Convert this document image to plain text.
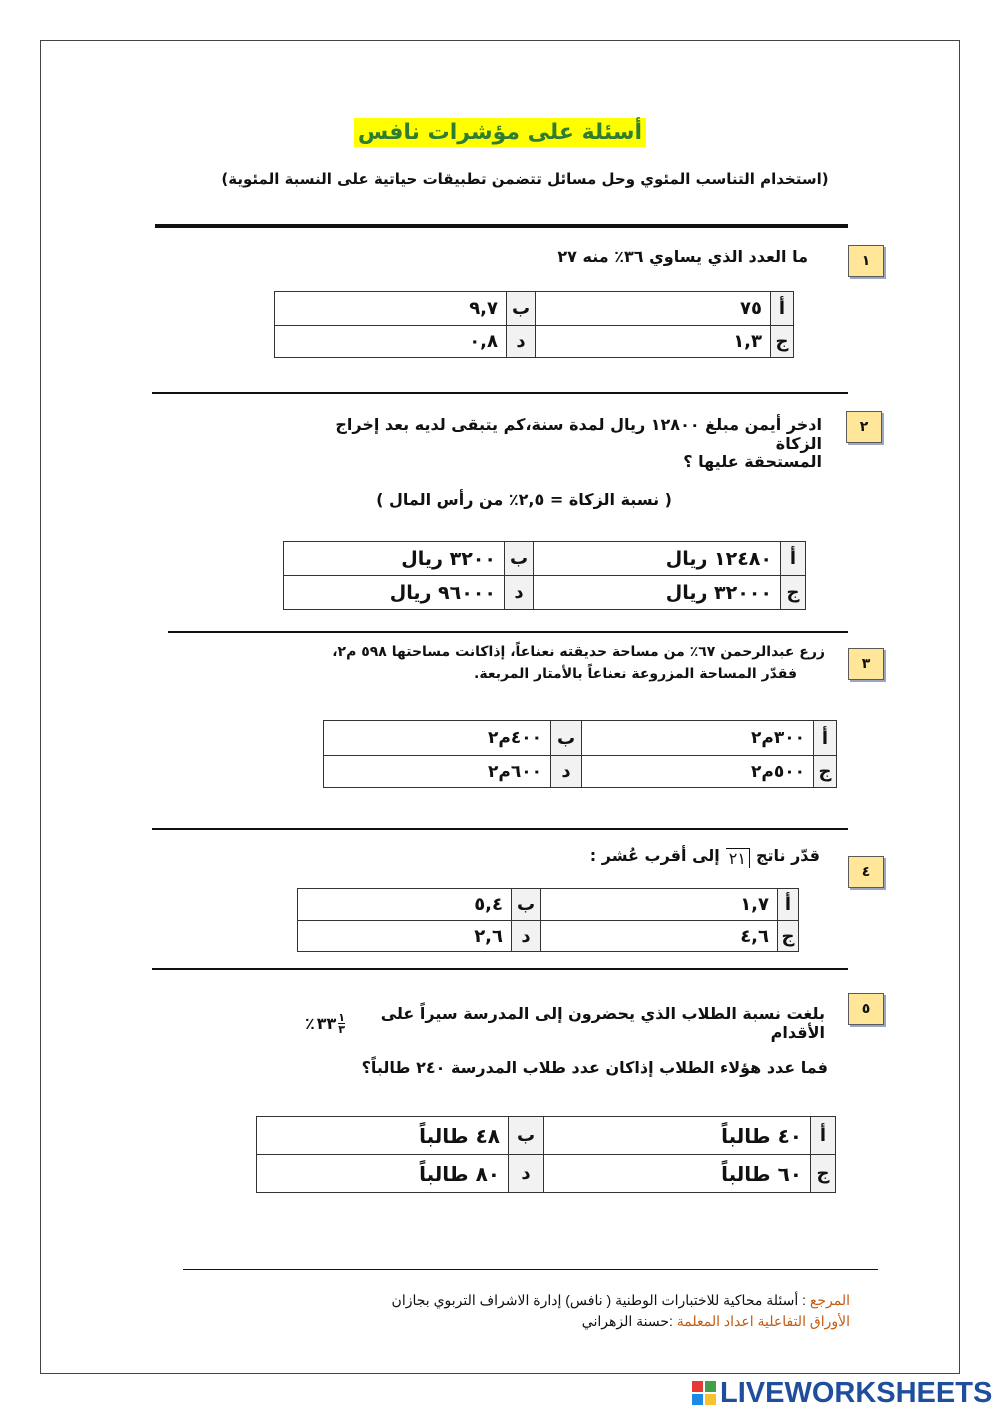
أسئلة على مؤشرات نافس
(استخدام التناسب المئوي وحل مسائل تتضمن تطبيقات حياتية على النسبة المئوية)
١
ما العدد الذي يساوي ٣٦٪ منه ٢٧
أ	٧٥	ب	٩,٧
ج	١,٣	د	٠,٨
٢
ادخر أيمن مبلغ ١٢٨٠٠ ريال لمدة سنة،كم يتبقى لديه بعد إخراج الزكاة
المستحقة عليها ؟
( نسبة الزكاة = ٢,٥٪ من رأس المال )
أ	١٢٤٨٠ ريال	ب	٣٢٠٠ ريال
ج	٣٢٠٠٠ ريال	د	٩٦٠٠٠ ريال
٣
زرع عبدالرحمن ٦٧٪ من مساحة حديقته نعناعاً، إذاكانت مساحتها ٥٩٨ م٢،
فقدّر المساحة المزروعة نعناعاً بالأمتار المربعة.
أ	٣٠٠م٢	ب	٤٠٠م٢
ج	٥٠٠م٢	د	٦٠٠م٢
٤
قدّر ناتج
٢١
إلى أقرب عُشر :
أ	١,٧	ب	٥,٤
ج	٤,٦	د	٢,٦
٥
بلغت نسبة الطلاب الذي يحضرون إلى المدرسة سيراً على الأقدام
١
٣
٣٣
٪
فما عدد هؤلاء الطلاب إذاكان عدد طلاب المدرسة ٢٤٠ طالباً؟
أ	٤٠ طالباً	ب	٤٨ طالباً
ج	٦٠ طالباً	د	٨٠ طالباً
المرجع : أسئلة محاكية للاختبارات الوطنية ( نافس) إدارة الاشراف التربوي بجازان
الأوراق التفاعلية اعداد المعلمة :حسنة الزهراني
LIVEWORKSHEETS
